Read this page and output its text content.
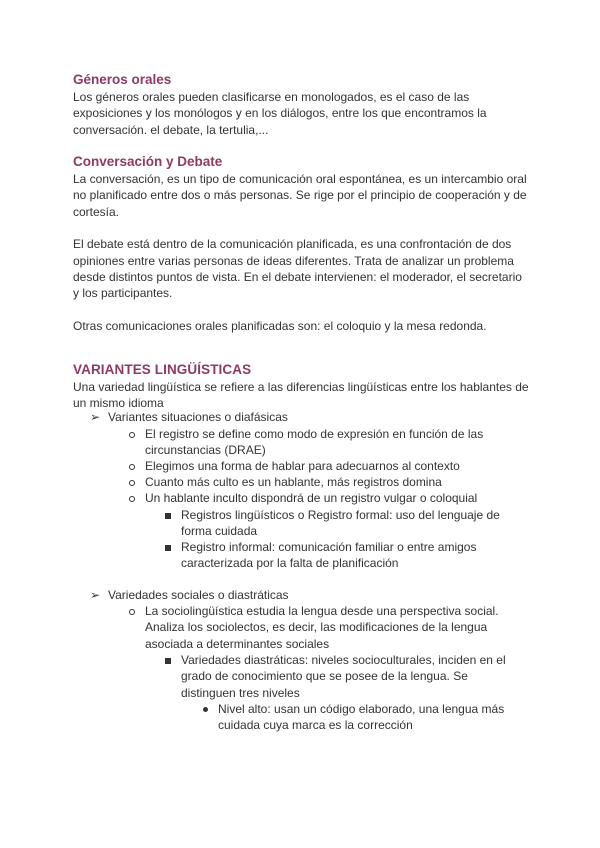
Géneros orales

Los géneros orales pueden clasificarse en monologados, es el caso de las exposiciones y los monólogos y en los diálogos, entre los que encontramos la conversación. el debate, la tertulia,...

Conversación y Debate

La conversación, es un tipo de comunicación oral espontánea, es un intercambio oral no planificado entre dos o más personas. Se rige por el principio de cooperación y de cortesía.

El debate está dentro de la comunicación planificada, es una confrontación de dos opiniones entre varias personas de ideas diferentes. Trata de analizar un problema desde distintos puntos de vista. En el debate intervienen: el moderador, el secretario y los participantes.

Otras comunicaciones orales planificadas son: el coloquio y la mesa redonda.

VARIANTES LINGÜÍSTICAS

Una variedad lingüística se refiere a las diferencias lingüísticas entre los hablantes de un mismo idioma

➢ Variantes situaciones o diafásicas
El registro se define como modo de expresión en función de las circunstancias (DRAE)
Elegimos una forma de hablar para adecuarnos al contexto
Cuanto más culto es un hablante, más registros domina
Un hablante inculto dispondrá de un registro vulgar o coloquial
Registros lingüísticos o Registro formal: uso del lenguaje de forma cuidada
Registro informal: comunicación familiar o entre amigos caracterizada por la falta de planificación
➢ Variedades sociales o diastráticas
La sociolingüística estudia la lengua desde una perspectiva social. Analiza los sociolectos, es decir, las modificaciones de la lengua asociada a determinantes sociales
Variedades diastráticas: niveles socioculturales, inciden en el grado de conocimiento que se posee de la lengua. Se distinguen tres niveles
Nivel alto: usan un código elaborado, una lengua más cuidada cuya marca es la corrección
